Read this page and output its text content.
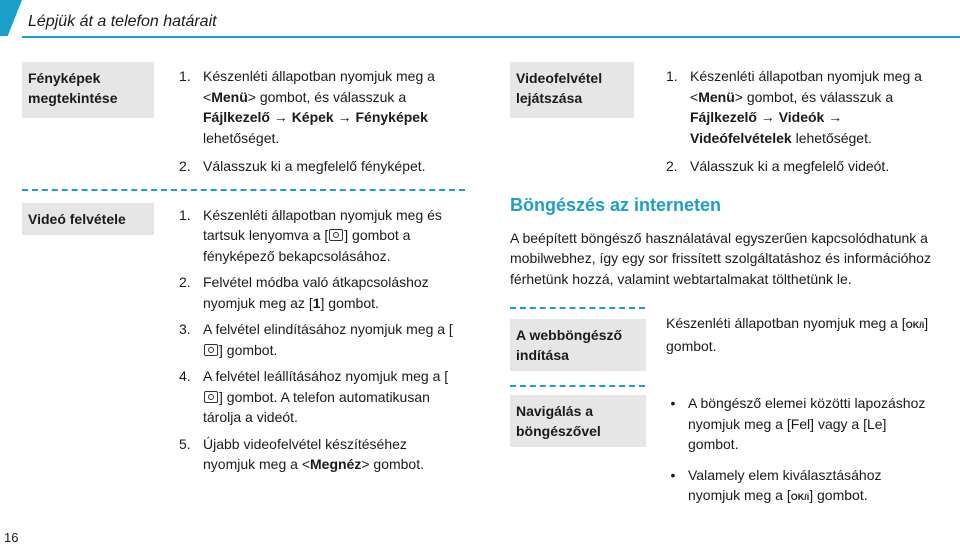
Lépjük át a telefon határait
Fényképek
megtekintése
1. Készenléti állapotban nyomjuk meg a <Menü> gombot, és válasszuk a Fájlkezelő → Képek → Fényképek lehetőséget.
2. Válasszuk ki a megfelelő fényképet.
Videó felvétele	1. Készenléti állapotban nyomjuk meg és tartsuk lenyomva a [ ] gombot a fényképező bekapcsolásához.
2. Felvétel módba való átkapcsoláshoz nyomjuk meg az [1] gombot.
3. A felvétel elindításához nyomjuk meg a [] gombot.
4. A felvétel leállításához nyomjuk meg a [] gombot. A telefon automatikusan tárolja a videót.
5. Újabb videofelvétel készítéséhez nyomjuk meg a <Megnéz> gombot.
Videofelvétel
lejátszása
1. Készenléti állapotban nyomjuk meg a <Menü> gombot, és válasszuk a Fájlkezelő → Videók → Videófelvételek lehetőséget.
2. Válasszuk ki a megfelelő videót.
Böngészés az interneten

A beépített böngésző használatával egyszerűen kapcsolódhatunk a mobilwebhez, így egy sor frissített szolgáltatáshoz és információhoz férhetünk hozzá, valamint webtartalmakat tölthetünk le.

A webböngésző
indítása

Készenléti állapotban nyomjuk meg a [OK/i] gombot.

Navigálás a
böngészővel
• A böngésző elemei közötti lapozáshoz nyomjuk meg a [Fel] vagy a [Le] gombot.
• Valamely elem kiválasztásához nyomjuk meg a [OK/i] gombot.
16
